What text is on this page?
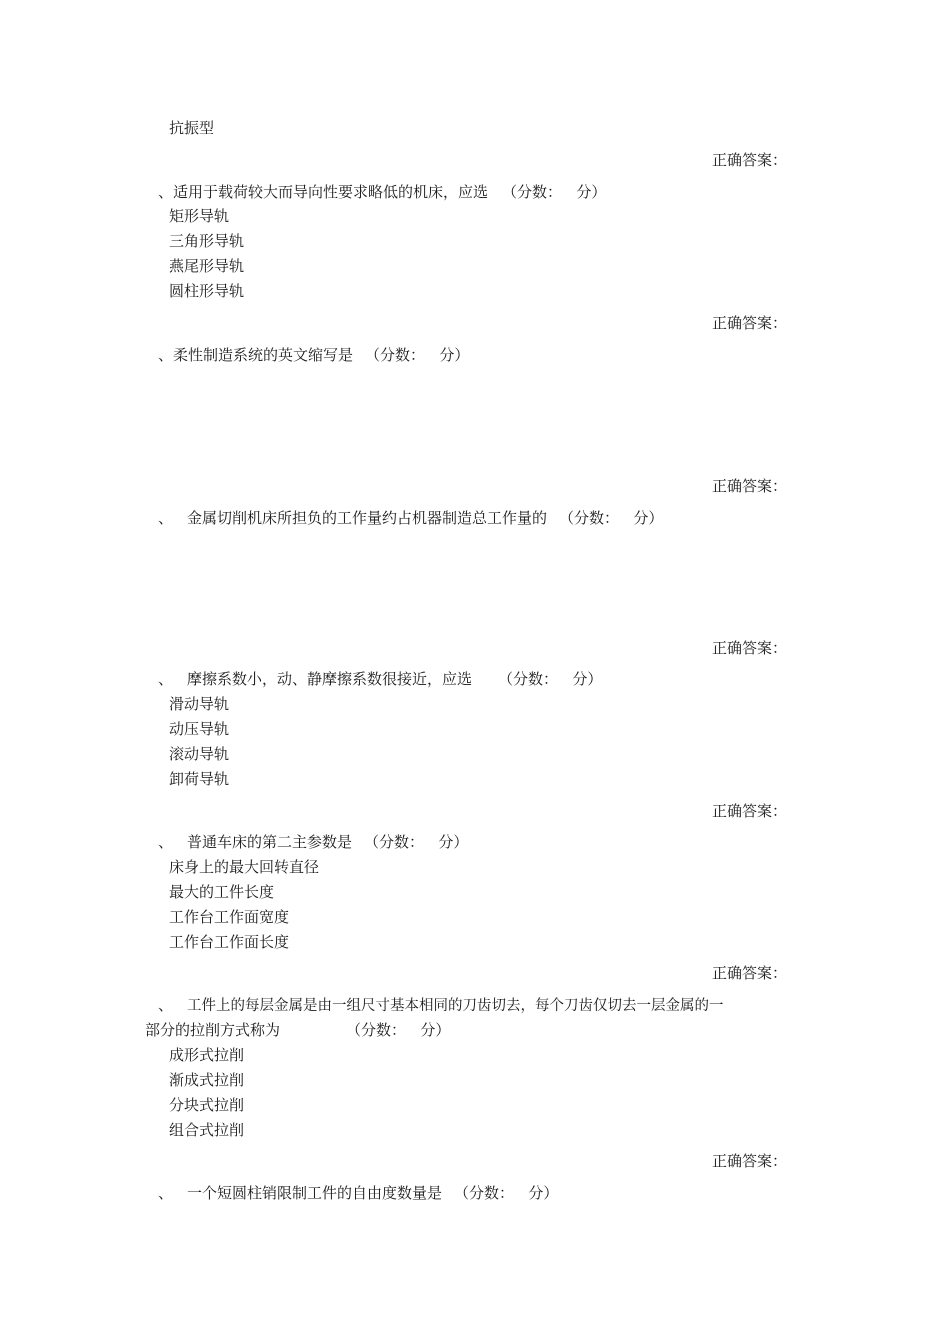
抗振型
正确答案：
、适用于载荷较大而导向性要求略低的机床，应选 （分数：   分）
矩形导轨
三角形导轨
燕尾形导轨
圆柱形导轨
正确答案：
、柔性制造系统的英文缩写是 （分数：   分）
正确答案：
、 金属切削机床所担负的工作量约占机器制造总工作量的 （分数：   分）
正确答案：
、 摩擦系数小，动、静摩擦系数很接近，应选 （分数：   分）
滑动导轨
动压导轨
滚动导轨
卸荷导轨
正确答案：
、 普通车床的第二主参数是 （分数：   分）
床身上的最大回转直径
最大的工件长度
工作台工作面宽度
工作台工作面长度
正确答案：
、 工件上的每层金属是由一组尺寸基本相同的刀齿切去，每个刀齿仅切去一层金属的一
部分的拉削方式称为	（分数：   分）
成形式拉削
渐成式拉削
分块式拉削
组合式拉削
正确答案：
、 一个短圆柱销限制工件的自由度数量是 （分数：   分）
